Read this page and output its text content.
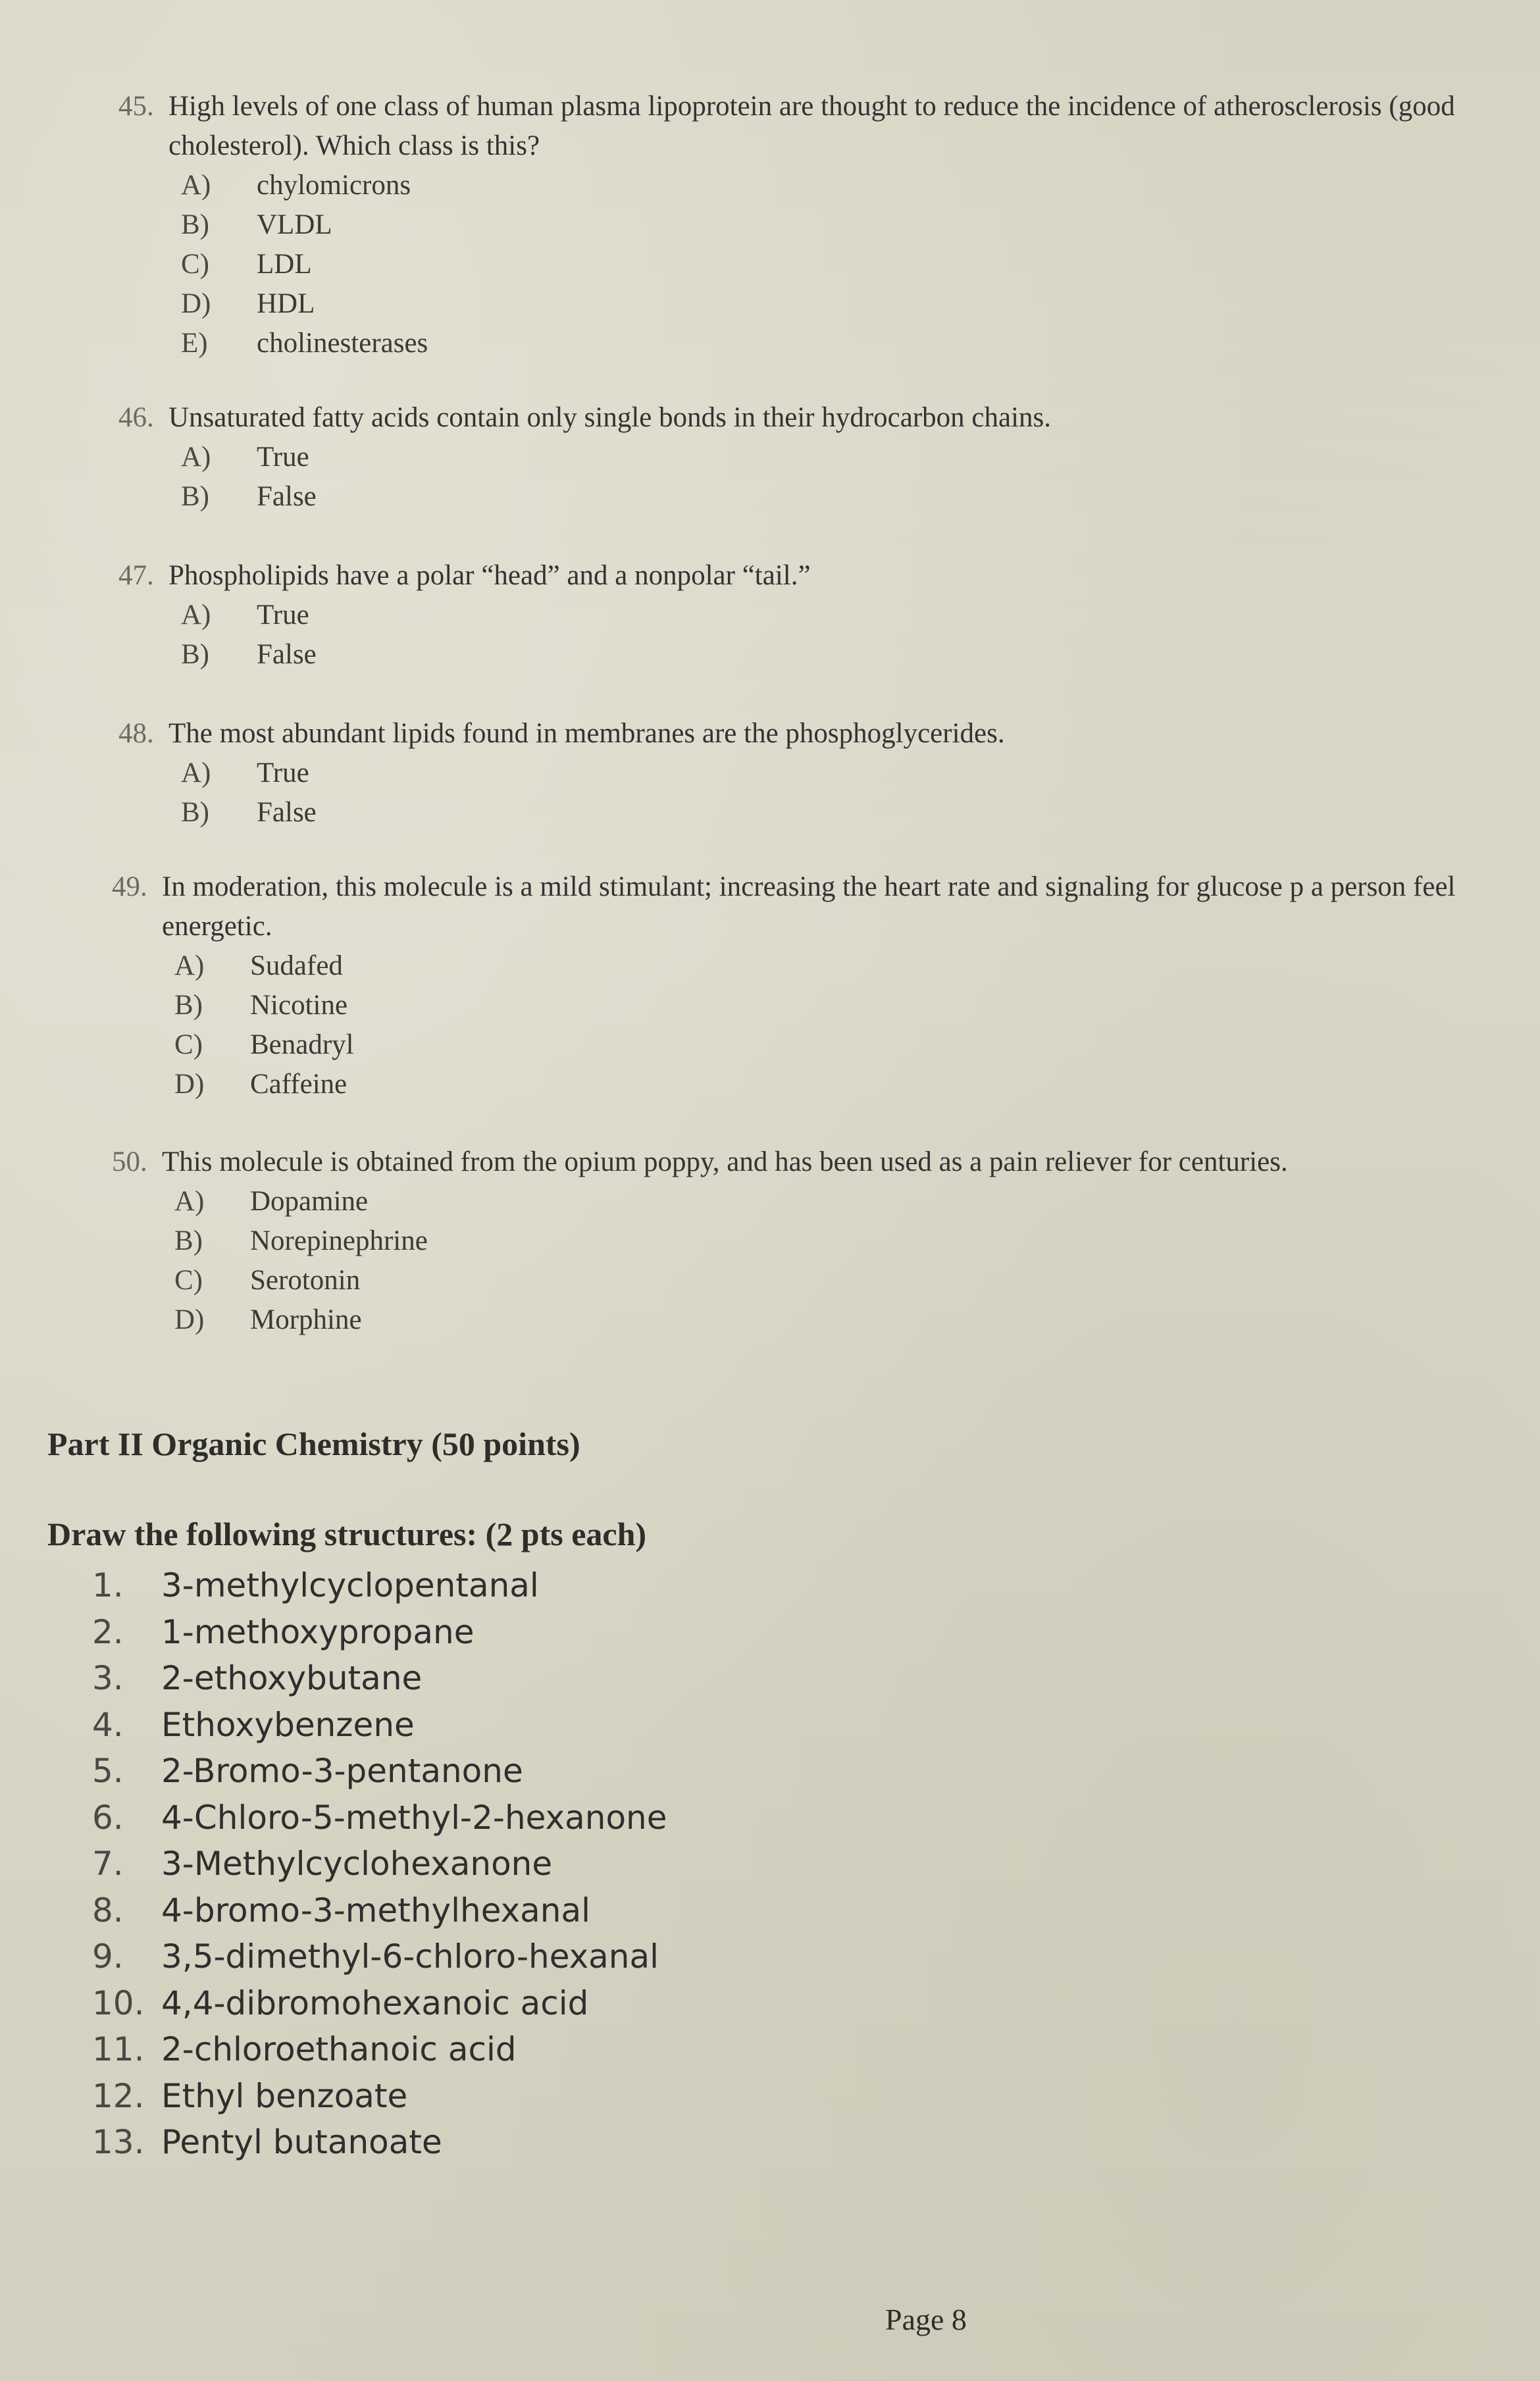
45. High levels of one class of human plasma lipoprotein are thought to reduce the incidence of atherosclerosis (good cholesterol). Which class is this?
A)	chylomicrons
B)	VLDL
C)	LDL
D)	HDL
E)	cholinesterases
46. Unsaturated fatty acids contain only single bonds in their hydrocarbon chains.
A)	True
B)	False
47. Phospholipids have a polar “head” and a nonpolar “tail.”
A)	True
B)	False
48. The most abundant lipids found in membranes are the phosphoglycerides.
A)	True
B)	False
49. In moderation, this molecule is a mild stimulant; increasing the heart rate and signaling for glucose p a person feel energetic.
A)	Sudafed
B)	Nicotine
C)	Benadryl
D)	Caffeine
50. This molecule is obtained from the opium poppy, and has been used as a pain reliever for centuries.
A)	Dopamine
B)	Norepinephrine
C)	Serotonin
D)	Morphine
Part II Organic Chemistry (50 points)
Draw the following structures: (2 pts each)
1.	3-methylcyclopentanal
2.	1-methoxypropane
3.	2-ethoxybutane
4.	Ethoxybenzene
5.	2-Bromo-3-pentanone
6.	4-Chloro-5-methyl-2-hexanone
7.	3-Methylcyclohexanone
8.	4-bromo-3-methylhexanal
9.	3,5-dimethyl-6-chloro-hexanal
10. 4,4-dibromohexanoic acid
11. 2-chloroethanoic acid
12. Ethyl benzoate
13. Pentyl butanoate
Page 8
